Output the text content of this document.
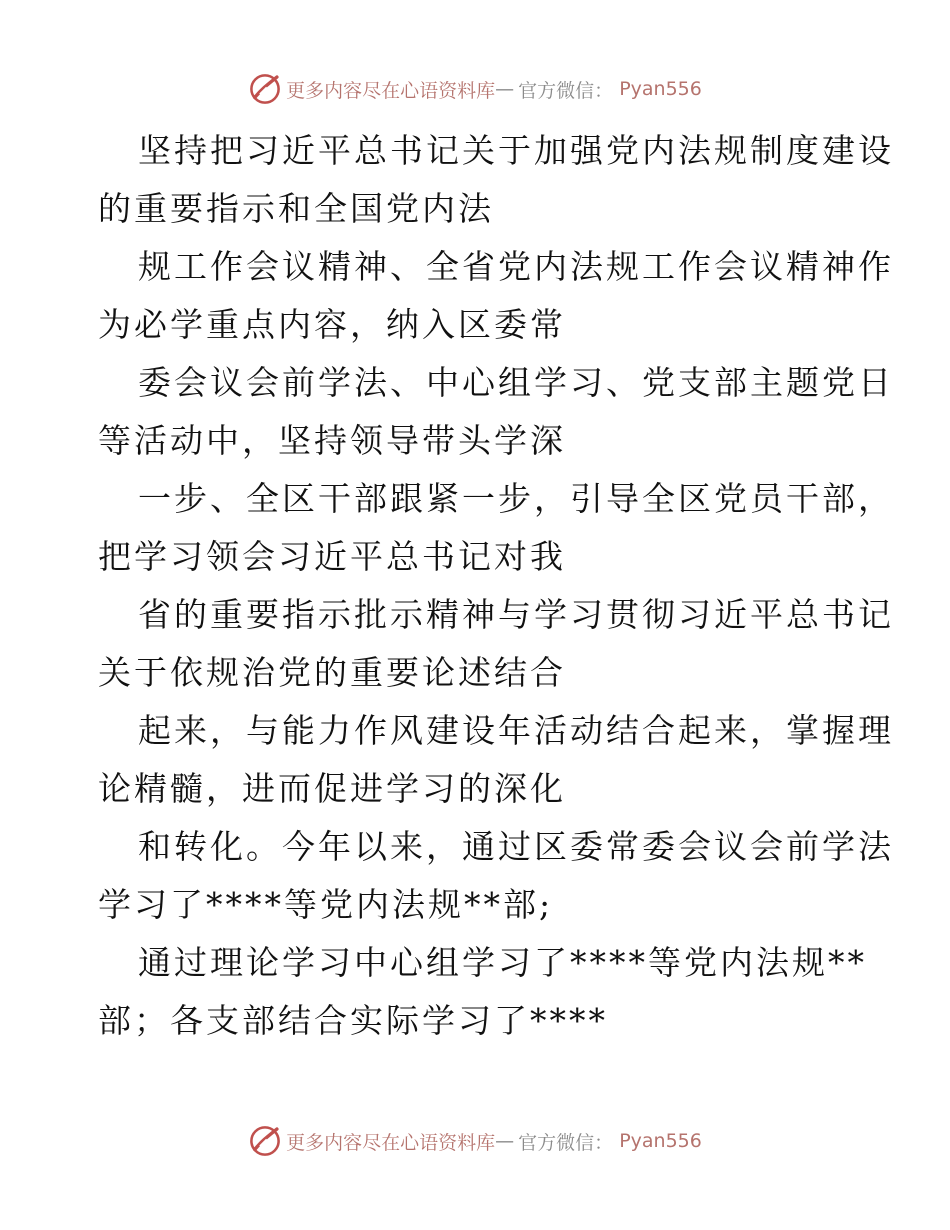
更多内容尽在心语资料库 — 官方微信： Pyan556
坚持把习近平总书记关于加强党内法规制度建设
的重要指示和全国党内法
规工作会议精神、全省党内法规工作会议精神作
为必学重点内容，纳入区委常
委会议会前学法、中心组学习、党支部主题党日
等活动中，坚持领导带头学深
一步、全区干部跟紧一步，引导全区党员干部，
把学习领会习近平总书记对我
省的重要指示批示精神与学习贯彻习近平总书记
关于依规治党的重要论述结合
起来，与能力作风建设年活动结合起来，掌握理
论精髓，进而促进学习的深化
和转化。今年以来，通过区委常委会议会前学法
学习了****等党内法规**部;
通过理论学习中心组学习了****等党内法规**
部；各支部结合实际学习了****
更多内容尽在心语资料库 — 官方微信： Pyan556
